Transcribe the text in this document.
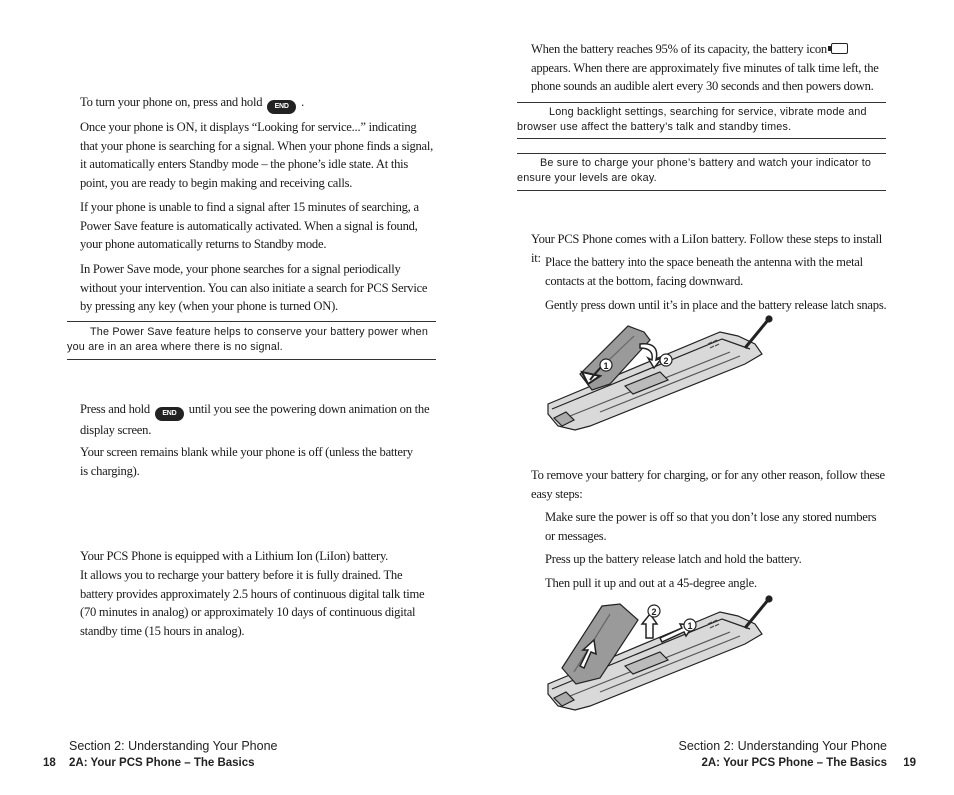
To turn your phone on, press and hold END .
Once your phone is ON, it displays “Looking for service...” indicating that your phone is searching for a signal. When your phone finds a signal, it automatically enters Standby mode – the phone’s idle state. At this point, you are ready to begin making and receiving calls.
If your phone is unable to find a signal after 15 minutes of searching, a Power Save feature is automatically activated. When a signal is found, your phone automatically returns to Standby mode.
In Power Save mode, your phone searches for a signal periodically without your intervention. You can also initiate a search for PCS Service by pressing any key (when your phone is turned ON).
The Power Save feature helps to conserve your battery power when you are in an area where there is no signal.
Press and hold END until you see the powering down animation on the display screen.
Your screen remains blank while your phone is off (unless the battery is charging).
Your PCS Phone is equipped with a Lithium Ion (LiIon) battery.
It allows you to recharge your battery before it is fully drained. The battery provides approximately 2.5 hours of continuous digital talk time (70 minutes in analog) or approximately 10 days of continuous digital standby time (15 hours in analog).
Section 2: Understanding Your Phone
18 2A: Your PCS Phone – The Basics
When the battery reaches 95% of its capacity, the battery iconappears. When there are approximately five minutes of talk time left, the phone sounds an audible alert every 30 seconds and then powers down.
Long backlight settings, searching for service, vibrate mode and browser use affect the battery’s talk and standby times.
Be sure to charge your phone’s battery and watch your indicator to ensure your levels are okay.
Your PCS Phone comes with a LiIon battery. Follow these steps to install it: Place the battery into the space beneath the antenna with the metal contacts at the bottom, facing downward.
Gently press down until it’s in place and the battery release latch snaps.
1	2
To remove your battery for charging, or for any other reason, follow these easy steps:
Make sure the power is off so that you don’t lose any stored numbers or messages.
Press up the battery release latch and hold the battery.
Then pull it up and out at a 45-degree angle.
2
1
Section 2: Understanding Your Phone
2A: Your PCS Phone – The Basics 19
